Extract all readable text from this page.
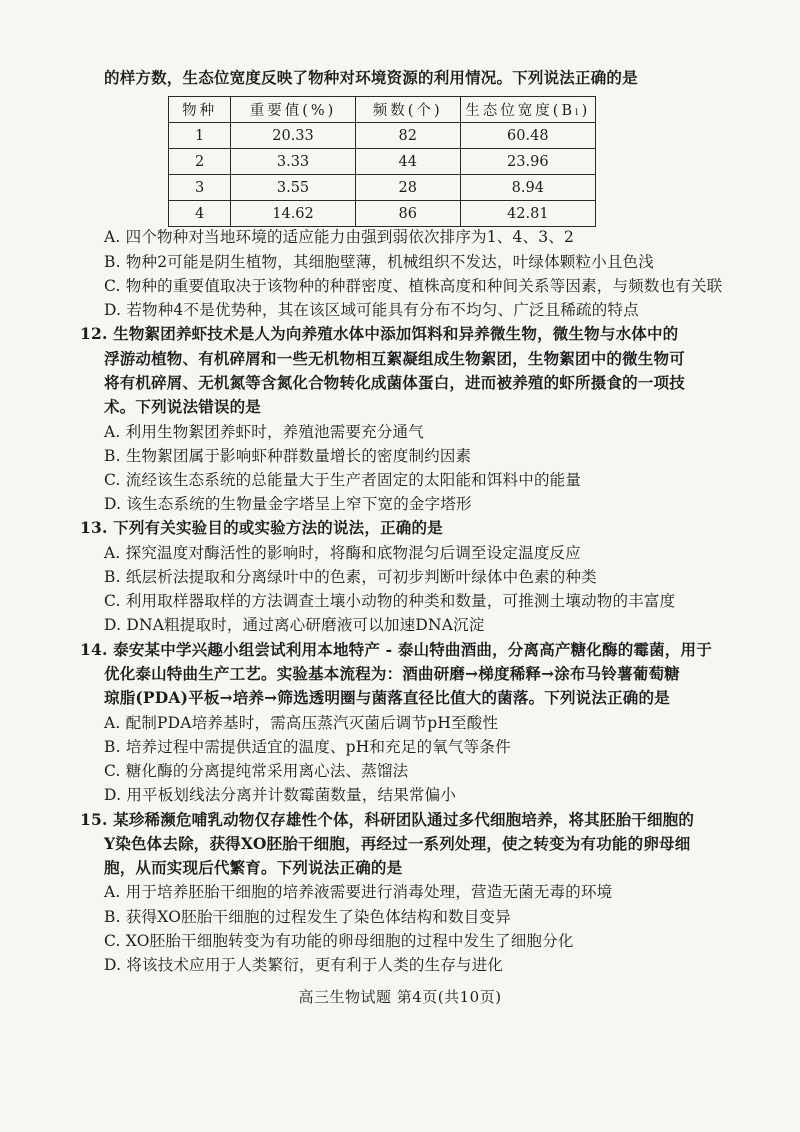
的样方数，生态位宽度反映了物种对环境资源的利用情况。下列说法正确的是
物种	重要值(%)	频数(个)	生态位宽度(Bₗ)
1	20.33	82	60.48
2	3.33	44	23.96
3	3.55	28	8.94
4	14.62	86	42.81
A. 四个物种对当地环境的适应能力由强到弱依次排序为1、4、3、2
B. 物种2可能是阴生植物，其细胞壁薄，机械组织不发达，叶绿体颗粒小且色浅
C. 物种的重要值取决于该物种的种群密度、植株高度和种间关系等因素，与频数也有关联
D. 若物种4不是优势种，其在该区域可能具有分布不均匀、广泛且稀疏的特点
12. 生物絮团养虾技术是人为向养殖水体中添加饵料和异养微生物，微生物与水体中的
浮游动植物、有机碎屑和一些无机物相互絮凝组成生物絮团，生物絮团中的微生物可
将有机碎屑、无机氮等含氮化合物转化成菌体蛋白，进而被养殖的虾所摄食的一项技
术。下列说法错误的是
A. 利用生物絮团养虾时，养殖池需要充分通气
B. 生物絮团属于影响虾种群数量增长的密度制约因素
C. 流经该生态系统的总能量大于生产者固定的太阳能和饵料中的能量
D. 该生态系统的生物量金字塔呈上窄下宽的金字塔形
13. 下列有关实验目的或实验方法的说法，正确的是
A. 探究温度对酶活性的影响时，将酶和底物混匀后调至设定温度反应
B. 纸层析法提取和分离绿叶中的色素，可初步判断叶绿体中色素的种类
C. 利用取样器取样的方法调查土壤小动物的种类和数量，可推测土壤动物的丰富度
D. DNA粗提取时，通过离心研磨液可以加速DNA沉淀
14. 泰安某中学兴趣小组尝试利用本地特产 - 泰山特曲酒曲，分离高产糖化酶的霉菌，用于
优化泰山特曲生产工艺。实验基本流程为：酒曲研磨→梯度稀释→涂布马铃薯葡萄糖
琼脂(PDA)平板→培养→筛选透明圈与菌落直径比值大的菌落。下列说法正确的是
A. 配制PDA培养基时，需高压蒸汽灭菌后调节pH至酸性
B. 培养过程中需提供适宜的温度、pH和充足的氧气等条件
C. 糖化酶的分离提纯常采用离心法、蒸馏法
D. 用平板划线法分离并计数霉菌数量，结果常偏小
15. 某珍稀濒危哺乳动物仅存雄性个体，科研团队通过多代细胞培养，将其胚胎干细胞的
Y染色体去除，获得XO胚胎干细胞，再经过一系列处理，使之转变为有功能的卵母细
胞，从而实现后代繁育。下列说法正确的是
A. 用于培养胚胎干细胞的培养液需要进行消毒处理，营造无菌无毒的环境
B. 获得XO胚胎干细胞的过程发生了染色体结构和数目变异
C. XO胚胎干细胞转变为有功能的卵母细胞的过程中发生了细胞分化
D. 将该技术应用于人类繁衍，更有利于人类的生存与进化
高三生物试题 第4页(共10页)
